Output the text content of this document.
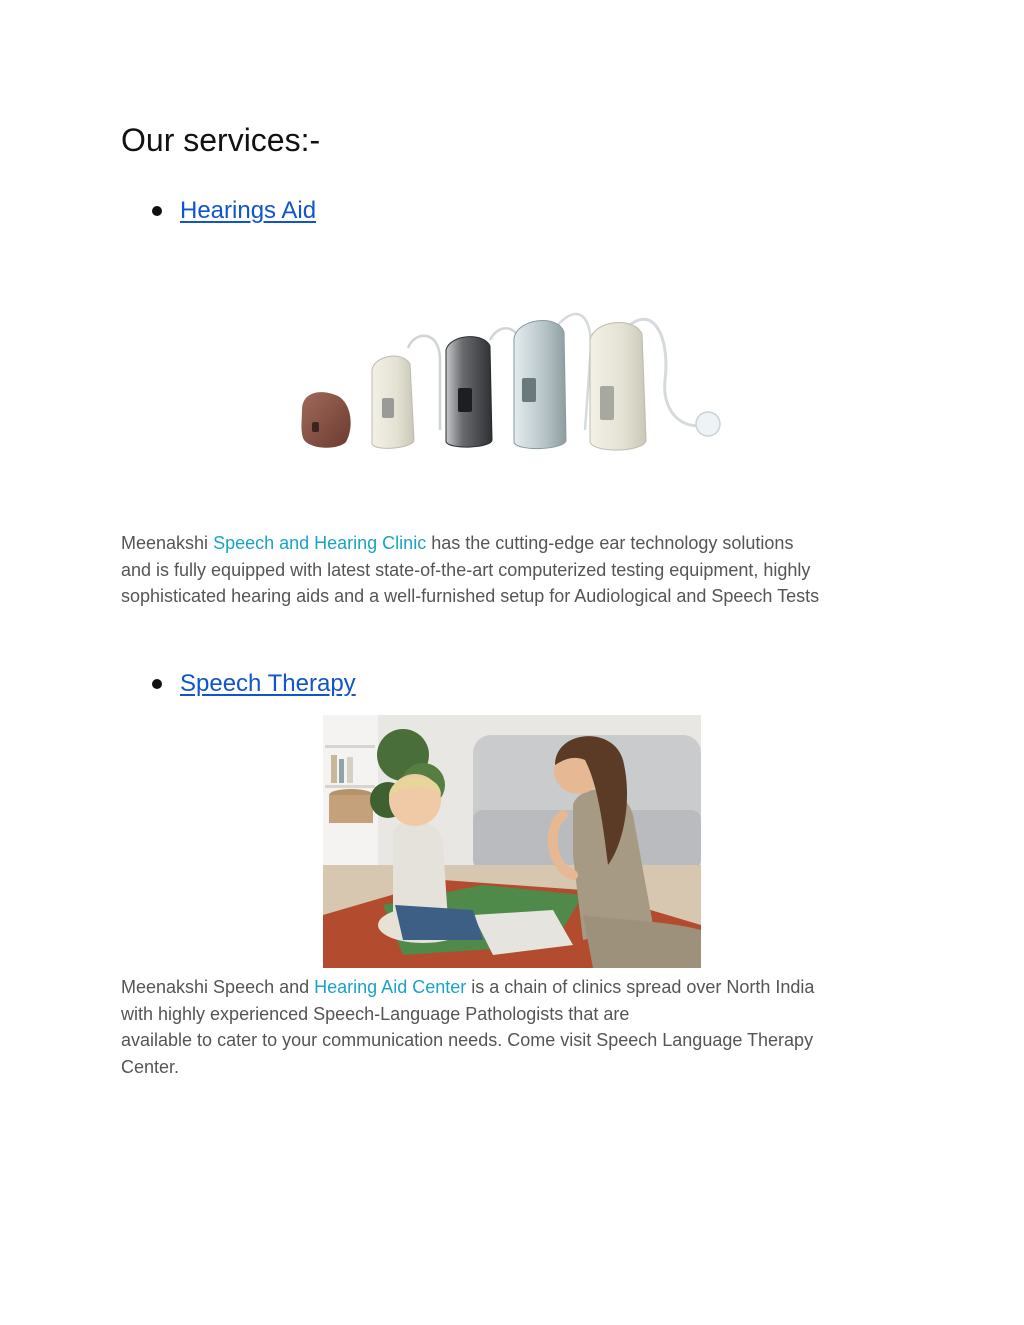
Our services:-
Hearings Aid

Meenakshi Speech and Hearing Clinic has the cutting-edge ear technology solutions
and is fully equipped with latest state-of-the-art computerized testing equipment, highly
sophisticated hearing aids and a well-furnished setup for Audiological and Speech Tests

Speech Therapy

Meenakshi Speech and Hearing Aid Center is a chain of clinics spread over North India
with highly experienced Speech-Language Pathologists that are
available to cater to your communication needs. Come visit Speech Language Therapy
Center.
